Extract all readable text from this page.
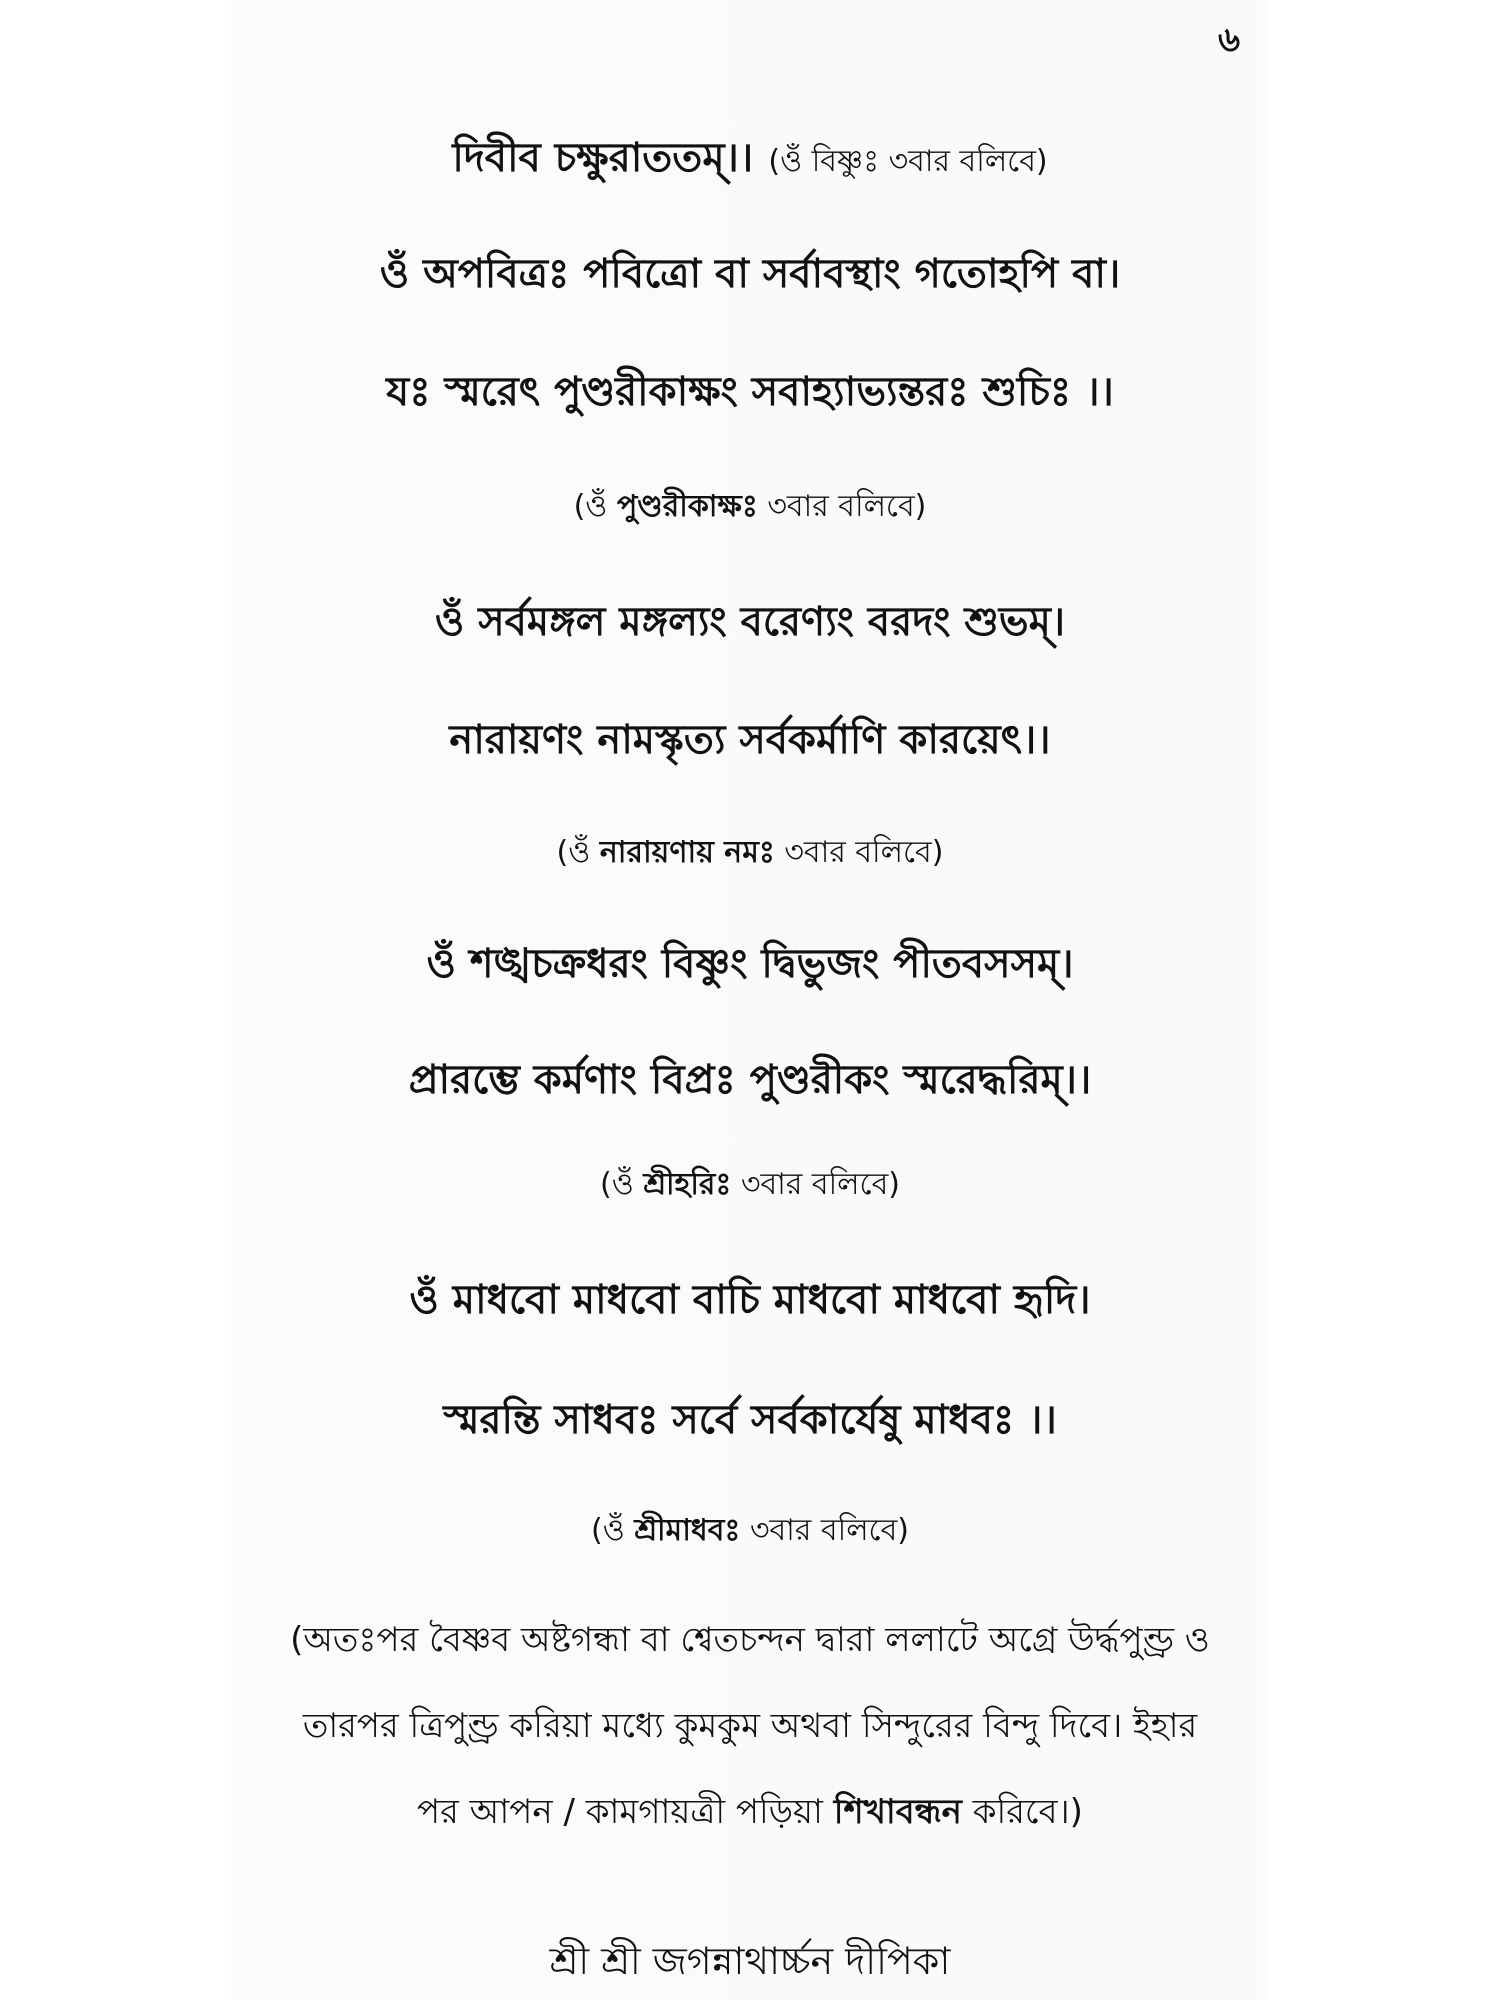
৬
দিবীব চক্ষুরাততম্।। (ওঁ বিষ্ণুঃ ৩বার বলিবে)
ওঁ অপবিত্রঃ পবিত্রো বা সর্বাবস্থাং গতোহপি বা।
যঃ স্মরেৎ পুণ্ডরীকাক্ষং সবাহ্যাভ্যন্তরঃ শুচিঃ ।।
(ওঁ পুণ্ডরীকাক্ষঃ ৩বার বলিবে)
ওঁ সর্বমঙ্গল মঙ্গল্যং বরেণ্যং বরদং শুভম্।
নারায়ণং নামস্কৃত্য সর্বকর্মাণি কারয়েৎ।।
(ওঁ নারায়ণায় নমঃ ৩বার বলিবে)
ওঁ শঙ্খচক্রধরং বিষ্ণুং দ্বিভুজং পীতবসসম্।
প্রারম্ভে কর্মণাং বিপ্রঃ পুণ্ডরীকং স্মরেদ্ধরিম্।।
(ওঁ শ্রীহরিঃ ৩বার বলিবে)
ওঁ মাধবো মাধবো বাচি মাধবো মাধবো হৃদি।
স্মরন্তি সাধবঃ সর্বে সর্বকার্যেষু মাধবঃ ।।
(ওঁ শ্রীমাধবঃ ৩বার বলিবে)
(অতঃপর বৈষ্ণব অষ্টগন্ধা বা শ্বেতচন্দন দ্বারা ললাটে অগ্রে উর্দ্ধপুণ্ড্র ও
তারপর ত্রিপুণ্ড্র করিয়া মধ্যে কুমকুম অথবা সিন্দুরের বিন্দু দিবে। ইহার
পর আপন / কামগায়ত্রী পড়িয়া শিখাবন্ধন করিবে।)
শ্রী শ্রী জগন্নাথার্চ্চন দীপিকা
